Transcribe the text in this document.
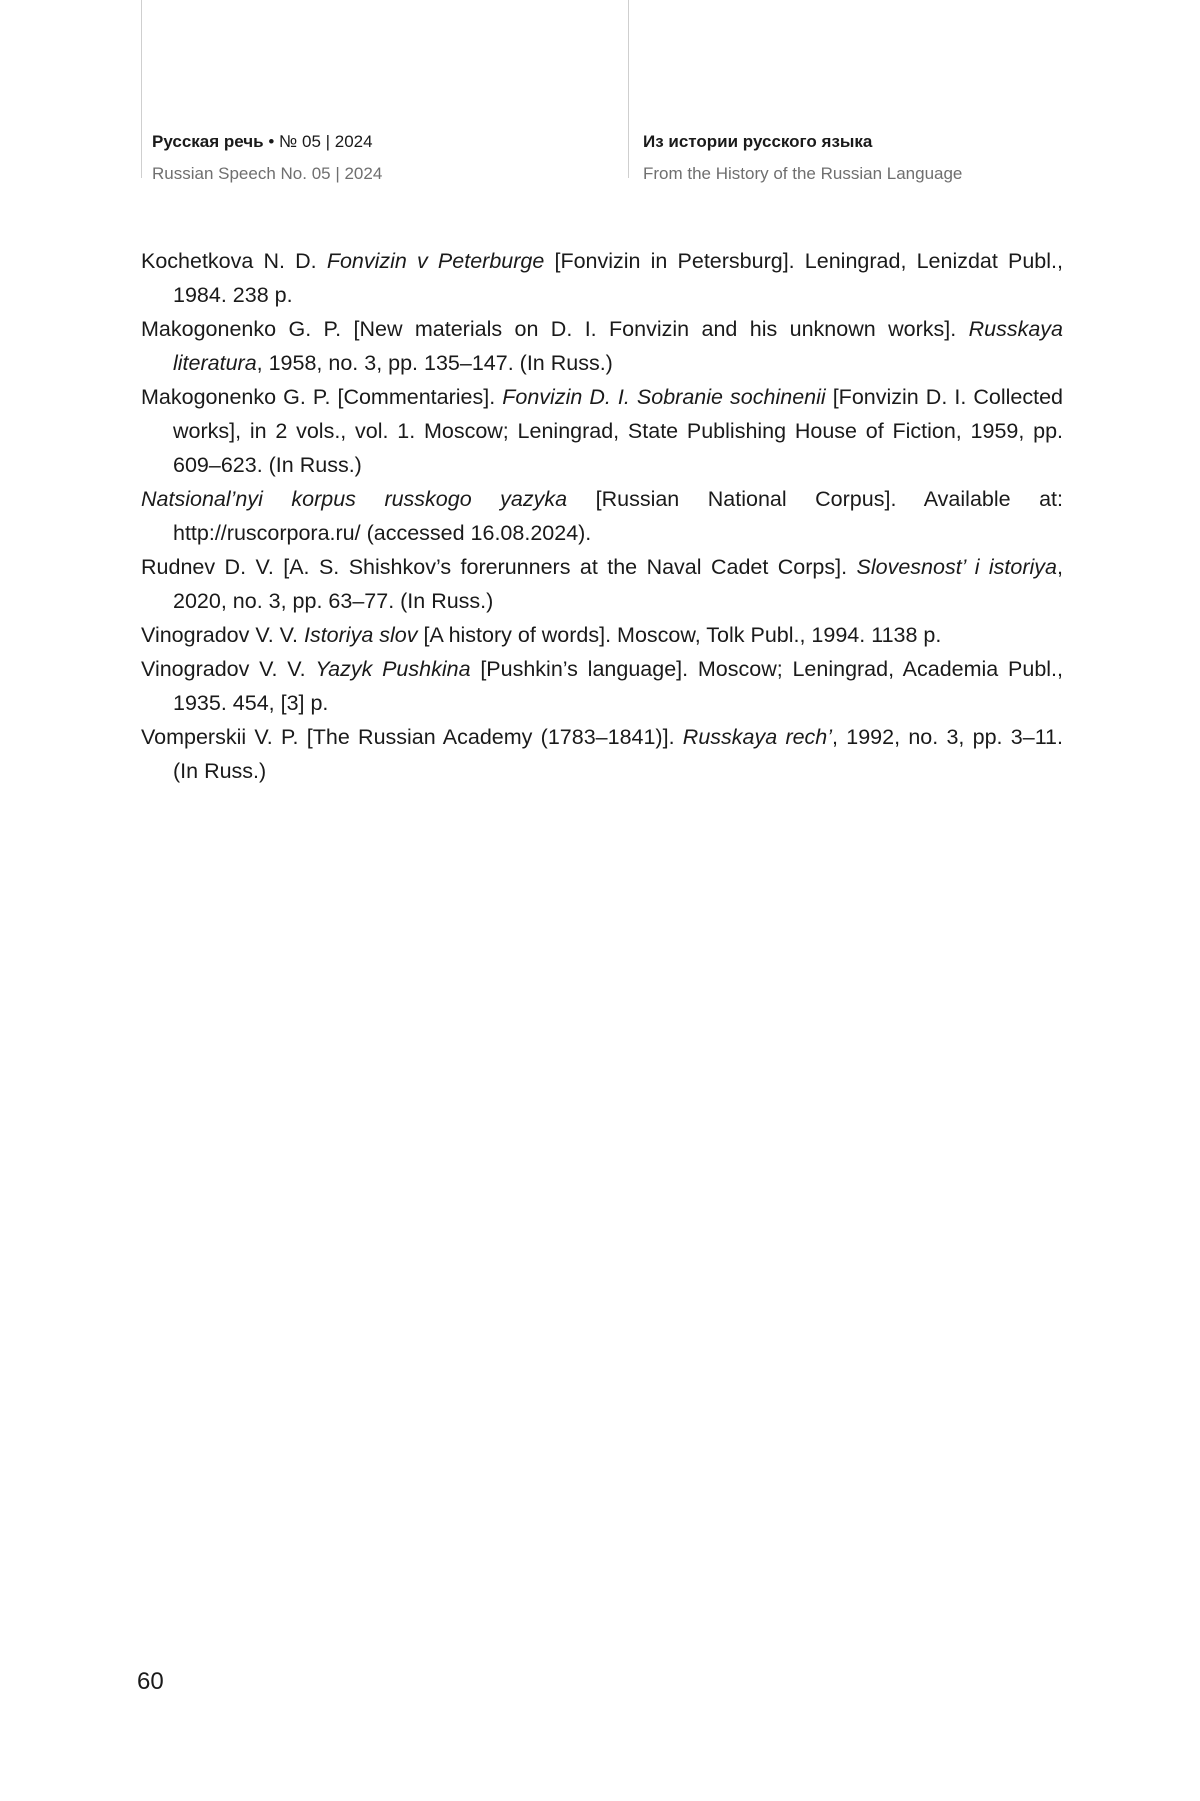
Русская речь • № 05 | 2024
Russian Speech No. 05 | 2024
Из истории русского языка
From the History of the Russian Language

Kochetkova N. D. Fonvizin v Peterburge [Fonvizin in Petersburg]. Leningrad, Lenizdat Publ., 1984. 238 p.

Makogonenko G. P. [New materials on D. I. Fonvizin and his unknown works]. Russkaya literatura, 1958, no. 3, pp. 135–147. (In Russ.)

Makogonenko G. P. [Commentaries]. Fonvizin D. I. Sobranie sochinenii [Fonvizin D. I. Collected works], in 2 vols., vol. 1. Moscow; Leningrad, State Publishing House of Fiction, 1959, pp. 609–623. (In Russ.)

Natsional’nyi korpus russkogo yazyka [Russian National Corpus]. Available at: http://ruscorpora.ru/ (accessed 16.08.2024).

Rudnev D. V. [A. S. Shishkov’s forerunners at the Naval Cadet Corps]. Slovesnost’ i istoriya, 2020, no. 3, pp. 63–77. (In Russ.)

Vinogradov V. V. Istoriya slov [A history of words]. Moscow, Tolk Publ., 1994. 1138 p.

Vinogradov V. V. Yazyk Pushkina [Pushkin’s language]. Moscow; Leningrad, Academia Publ., 1935. 454, [3] p.

Vomperskii V. P. [The Russian Academy (1783–1841)]. Russkaya rech’, 1992, no. 3, pp. 3–11. (In Russ.)

60
